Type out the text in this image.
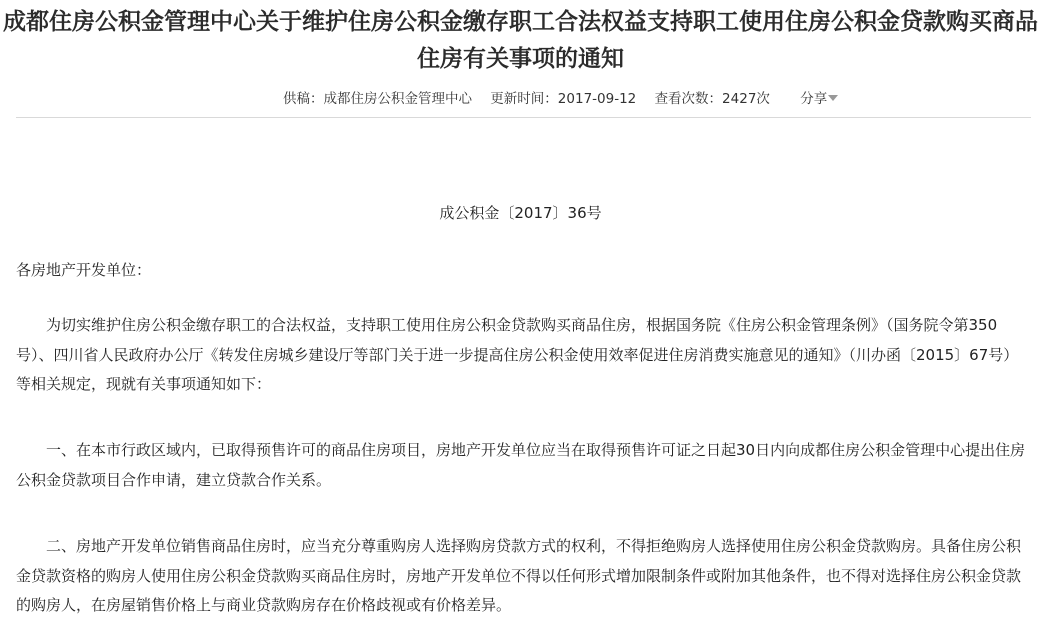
成都住房公积金管理中心关于维护住房公积金缴存职工合法权益支持职工使用住房公积金贷款购买商品住房有关事项的通知
供稿：成都住房公积金管理中心 更新时间：2017-09-12 查看次数：2427次 分享
成公积金〔2017〕36号
各房地产开发单位：

为切实维护住房公积金缴存职工的合法权益，支持职工使用住房公积金贷款购买商品住房，根据国务院《住房公积金管理条例》（国务院令第350号）、四川省人民政府办公厅《转发住房城乡建设厅等部门关于进一步提高住房公积金使用效率促进住房消费实施意见的通知》（川办函〔2015〕67号）等相关规定，现就有关事项通知如下：

一、在本市行政区域内，已取得预售许可的商品住房项目，房地产开发单位应当在取得预售许可证之日起30日内向成都住房公积金管理中心提出住房公积金贷款项目合作申请，建立贷款合作关系。

二、房地产开发单位销售商品住房时，应当充分尊重购房人选择购房贷款方式的权利，不得拒绝购房人选择使用住房公积金贷款购房。具备住房公积金贷款资格的购房人使用住房公积金贷款购买商品住房时，房地产开发单位不得以任何形式增加限制条件或附加其他条件，也不得对选择住房公积金贷款的购房人，在房屋销售价格上与商业贷款购房存在价格歧视或有价格差异。
